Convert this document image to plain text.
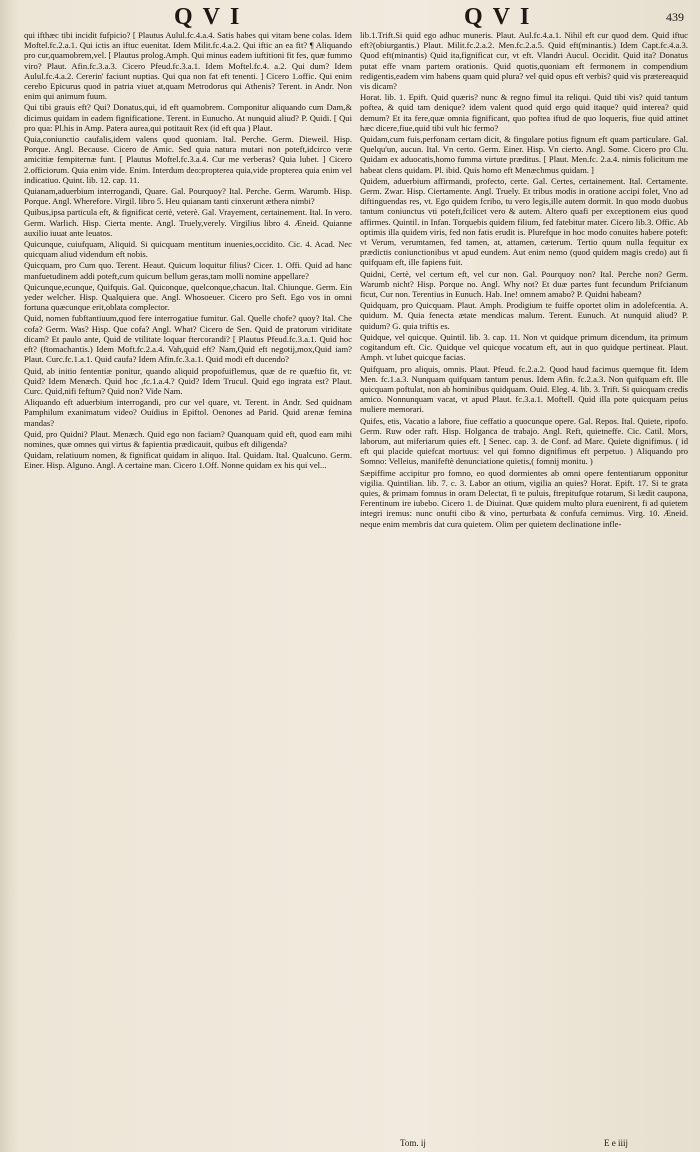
QVI	QVI	439

qui ifthæc tibi incidit fufpicio? [ Plautus Aulul.fc.4.a.4. Satis habes qui vitam bene colas. Idem Moftel.fc.2.a.1. Qui ictis an iftuc euenitat. Idem Milit.fc.4.a.2. Qui iftic an ea fit? ¶ Aliquando pro cur,quamobrem,vel. [ Plautus prolog.Amph. Qui minus eadem iuftitioni fit fes, quæ fummo viro? Plaut. Afin.fc.3.a.3. Cicero Pfeud.fc.3.a.1. Idem Moftel.fc.4. a.2. Qui dum? Idem Aulul.fc.4.a.2. Cererin' faciunt nuptias. Qui qua non fat eft tenenti. ] Cicero 1.offic. Qui enim cerebo Epicurus quod in patria viuet at,quam Metrodorus qui Athenis? Terent. in Andr. Non enim qui animum fuum.

Qui tibi grauis eft? Qui? Donatus,qui, id eft quamobrem. Componitur aliquando cum Dam,& dicimus quidam in eadem fignificatione. Terent. in Eunucho. At nunquid aliud? P. Quidi. [ Qui pro qua: Pl.his in Amp. Patera aurea,qui potitauit Rex (id eft qua ) Plaut.

Quia,coniunctio caufalis,idem valens quod quoniam. Ital. Perche. Germ. Dieweil. Hisp. Porque. Angl. Because. Cicero de Amic. Sed quia natura mutari non poteft,idcirco veræ amicitiæ fempiternæ funt. [ Plautus Moftel.fc.3.a.4. Cur me verberas? Quia lubet. ] Cicero 2.officiorum. Quia enim vide. Enim. Interdum deo:propterea quia,vide propterea quia enim vel indicatiuo. Quint. lib. 12. cap. 11.

Quianam,aduerbium interrogandi, Quare. Gal. Pourquoy? Ital. Perche. Germ. Warumb. Hisp. Porque. Angl. Wherefore. Virgil. libro 5. Heu quianam tanti cinxerunt æthera nimbi?

Quibus,ipsa particula eft, & fignificat certè, veterè. Gal. Vrayement, certainement. Ital. In vero. Germ. Warlich. Hisp. Cierta mente. Angl. Truely,verely. Virgilius libro 4. Æneid. Quianne auxilio iuuat ante leuatos.

Quicunque, cuiufquam, Aliquid. Si quicquam mentitum inuenies,occidito. Cic. 4. Acad. Nec quicquam aliud videndum eft nobis.

Quicquam, pro Cum quo. Terent. Heaut. Quicum loquitur filius? Cicer. 1. Offi. Quid ad hanc manfuetudinem addi poteft,cum quicum bellum geras,tam molli nomine appellare?

Quicunque,ecunque, Quifquis. Gal. Quiconque, quelconque,chacun. Ital. Chiunque. Germ. Ein yeder welcher. Hisp. Qualquiera que. Angl. Whosoeuer. Cicero pro Seft. Ego vos in omni fortuna quæcunque erit,oblata complector.

Quid, nomen fubftantiuum,quod fere interrogatiue fumitur. Gal. Quelle chofe? quoy? Ital. Che cofa? Germ. Was? Hisp. Que cofa? Angl. What? Cicero de Sen. Quid de pratorum viriditate dicam? Et paulo ante, Quid de vtilitate loquar ftercorandi? [ Plautus Pfeud.fc.3.a.1. Quid hoc eft? (ftomachantis.) Idem Moft.fc.2.a.4. Vah,quid eft? Nam,Quid eft negotij,mox,Quid iam? Plaut. Curc.fc.1.a.1. Quid caufa? Idem Afin.fc.3.a.1. Quid modi eft ducendo?

Quid, ab initio fententiæ ponitur, quando aliquid propofuiflemus, quæ de re quæftio fit, vt: Quid? Idem Menæch. Quid hoc ,fc.1.a.4.? Quid? Idem Trucul. Quid ego ingrata est? Plaut. Curc. Quid,nifi feftum? Quid non? Vide Nam.

Aliquando eft aduerbium interrogandi, pro cur vel quare, vt. Terent. in Andr. Sed quidnam Pamphilum exanimatum video? Ouidius in Epiftol. Oenones ad Parid. Quid arenæ femina mandas?

Quid, pro Quidni? Plaut. Menæch. Quid ego non faciam? Quanquam quid eft, quod eam mihi nomines, quæ omnes qui virtus & fapientia prædicauit, quibus eft diligenda?

Quidam, relatiuum nomen, & fignificat quidam in aliquo. Ital. Quidam. Ital. Qualcuno. Germ. Einer. Hisp. Alguno. Angl. A certaine man. Cicero 1.Off. Nonne quidam ex his qui vel...

lib.1.Trift.Si quid ego adhuc muneris. Plaut. Aul.fc.4.a.1. Nihil eft cur quod dem. Quid iftuc eft?(obiurgantis.) Plaut. Milit.fc.2.a.2. Men.fc.2.a.5. Quid eft(minantis.) Idem Capt.fc.4.a.3. Quod eft(minantis) Quid ita,fignificat cur, vt eft. Vlandri Aucul. Occidit. Quid ita? Donatus putat effe vnam partem orationis. Quid quotis,quoniam eft fermonem in compendium redigentis,eadem vim habens quam quid plura? vel quid opus eft verbis? quid vis prætereaquid vis dicam?

Horat. lib. 1. Epift. Quid quæris? nunc & regno fimul ita reliqui. Quid tibi vis? quid tantum poftea, & quid tam denique? idem valent quod quid ergo quid itaque? quid interea? quid demum? Et ita fere,quæ omnia fignificant, quo poftea iftud de quo loqueris, fiue quid attinet hæc dicere,fiue,quid tibi vult hic fermo?

Quidam,cum fuis,perfonam certam dicit, & fingulare potius fignum eft quam particulare. Gal. Quelqu'un, aucun. Ital. Vn certo. Germ. Einer. Hisp. Vn cierto. Angl. Some. Cicero pro Clu. Quidam ex aduocatis,homo fumma virtute præditus. [ Plaut. Men.fc. 2.a.4. nimis folicitum me habeat clens quidam. Pl. ibid. Quis homo eft Menæchmus quidam. ]

Quidem, aduerbium affirmandi, profecto, certe. Gal. Certes, certainement. Ital. Certamente. Germ. Zwar. Hisp. Ciertamente. Angl. Truely. Et tribus modis in oratione accipi folet, Vno ad diftinguendas res, vt. Ego quidem fcribo, tu vero legis,ille autem dormit. In quo modo duobus tantum coniunctus vti poteft,fcilicet vero & autem. Altero quafi per exceptionem eius quod affirmes. Quintil. in Infan. Torquebis quidem filium, fed fatebitur mater. Cicero lib.3. Offic. Ab optimis illa quidem viris, fed non fatis erudit is. Plurefque in hoc modo conuites habere poteft: vt Verum, verumtamen, fed tamen, at, attamen, cæterum. Tertio quum nulla fequitur ex prædictis coniunctionibus vt apud eundem. Aut enim nemo (quod quidem magis credo) aut fi quifquam eft, ille fapiens fuit.

Quidni, Certè, vel certum eft, vel cur non. Gal. Pourquoy non? Ital. Perche non? Germ. Warumb nicht? Hisp. Porque no. Angl. Why not? Et duæ partes funt fecundum Prifcianum ficut, Cur non. Terentius in Eunuch. Hab. Ine! omnem amabo? P. Quidni habeam?

Quidquam, pro Quicquam. Plaut. Amph. Prodigium te fuiffe oportet olim in adolefcentia. A. quidum. M. Quia fenecta ætate mendicas malum. Terent. Eunuch. At nunquid aliud? P. quidum? G. quia triftis es.

Quidque, vel quicque. Quintil. lib. 3. cap. 11. Non vt quidque primum dicendum, ita primum cogitandum eft. Cic. Quidque vel quicque vocatum eft, aut in quo quidque pertineat. Plaut. Amph. vt lubet quicque facias.

Quifquam, pro aliquis, omnis. Plaut. Pfeud. fc.2.a.2. Quod haud facimus quemque fit. Idem Men. fc.1.a.3. Nunquam quifquam tantum penus. Idem Afin. fc.2.a.3. Non quifquam eft. Ille quicquam poftulat, non ab hominibus quidquam. Ouid. Eleg. 4. lib. 3. Trift. Si quicquam credis amico. Nonnunquam vacat, vt apud Plaut. fc.3.a.1. Moftell. Quid illa pote quicquam peius muliere memorari.

Quifes, etis, Vacatio a labore, fiue ceffatio a quocunque opere. Gal. Repos. Ital. Quiete, ripofo. Germ. Ruw oder raft. Hisp. Holganca de trabajo. Angl. Reft, quietneffe. Cic. Catil. Mors, laborum, aut miferiarum quies eft. [ Senec. cap. 3. de Conf. ad Marc. Quiete dignifimus. ( id eft qui placide quiefcat mortuus: vel qui fomno dignifimus eft perpetuo. ) Aliquando pro Somno: Velleius, manifeftè denunciatione quietis,( fomnij monitu. )

Sæpiffime accipitur pro fomno, eo quod dormientes ab omni opere fententiarum opponitur vigilia. Quintilian. lib. 7. c. 3. Labor an otium, vigilia an quies? Horat. Epift. 17. Si te grata quies, & primam fomnus in oram Delectat, fi te puluis, ftrepitufque rotarum, Si lædit caupona, Ferentinum ire iubebo. Cicero 1. de Diuinat. Quæ quidem multo plura euenirent, fi ad quietem integri iremus: nunc onufti cibo & vino, perturbata & confufa cernimus. Virg. 10. Æneid. neque enim membris dat cura quietem. Olim per quietem declinatione infle-

Tom. ij	E e iiij
